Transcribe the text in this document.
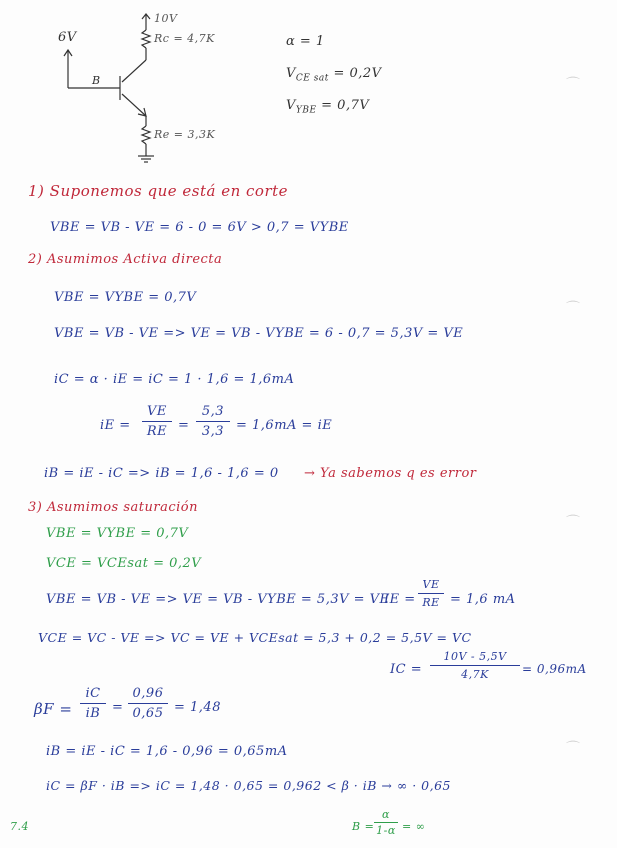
10V
Rc = 4,7K
6V
B
Re = 3,3K
α = 1
$V_{CE sat} = 0,2V$
$V_{YBE} = 0,7V$
1) Suponemos que está en corte
VBE = VB - VE = 6 - 0 = 6V > 0,7 = VYBE
2) Asumimos Activa directa
VBE = VYBE = 0,7V
VBE = VB - VE => VE = VB - VYBE = 6 - 0,7 = 5,3V = VE
iC = α · iE = iC = 1 · 1,6 = 1,6mA
iE =
VE
RE =
5,3
3,3 = 1,6mA = iE
iB = iE - iC => iB = 1,6 - 1,6 = 0 → Ya sabemos q es error
3) Asumimos saturación
VBE = VYBE = 0,7V
VCE = VCEsat = 0,2V
VBE = VB - VE => VE = VB - VYBE = 5,3V = VE
IE =
VE
RE = 1,6 mA
VCE = VC - VE => VC = VE + VCEsat = 5,3 + 0,2 = 5,5V = VC
IC =
10V - 5,5V
4,7K	= 0,96mA
βF =
iC
iB =
0,96
0,65 = 1,48
iB = iE - iC = 1,6 - 0,96 = 0,65mA
iC = βF · iB => iC = 1,48 · 0,65 = 0,962 < β · iB → ∞ · 0,65
B =
α
1-α = ∞
7.4
⌒
⌒
⌒
⌒
